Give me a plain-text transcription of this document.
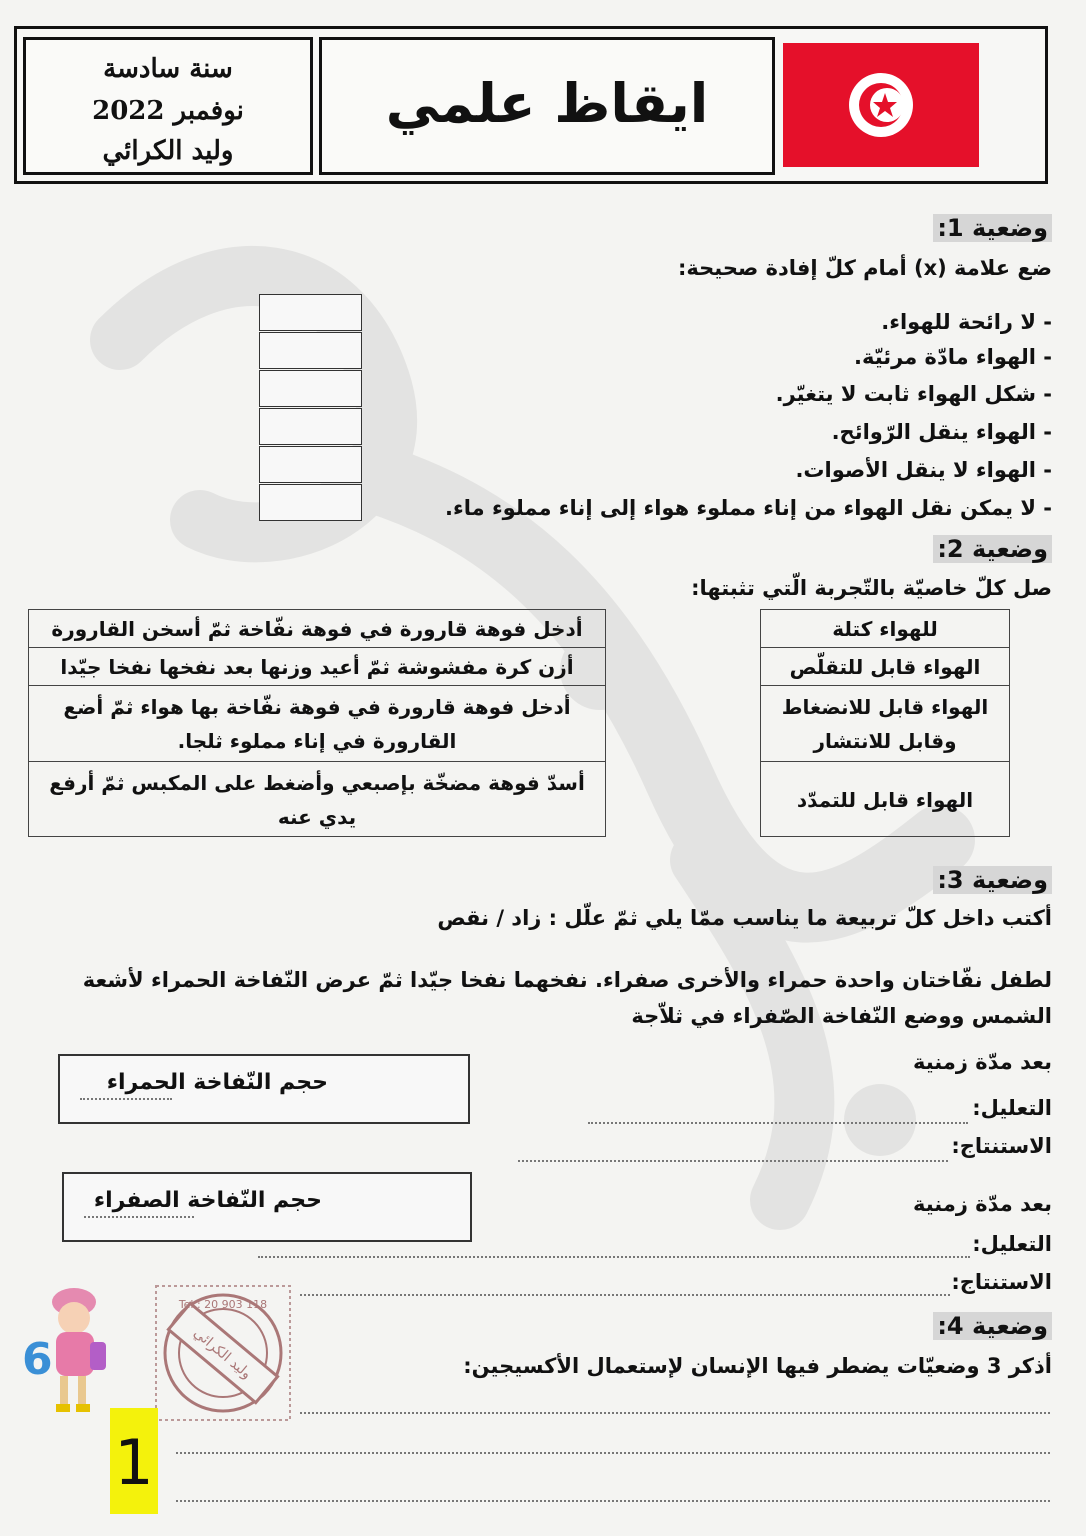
سنة سادسة
نوفمبر 2022
وليد الكرائي
ايقاظ علمي
وضعية 1:
ضع علامة (x) أمام كلّ إفادة صحيحة:
- لا رائحة للهواء.
- الهواء مادّة مرئيّة.
- شكل الهواء ثابت لا يتغيّر.
- الهواء ينقل الرّوائح.
- الهواء لا ينقل الأصوات.
- لا يمكن نقل الهواء من إناء مملوء هواء إلى إناء مملوء ماء.
وضعية 2:
صل كلّ خاصيّة بالتّجربة الّتي تثبتها:
أدخل فوهة قارورة في فوهة نفّاخة ثمّ أسخن القارورة
أزن كرة مفشوشة ثمّ أعيد وزنها بعد نفخها نفخا جيّدا
أدخل فوهة قارورة في فوهة نفّاخة بها هواء ثمّ أضع القارورة في إناء مملوء ثلجا.
أسدّ فوهة مضخّة بإصبعي وأضغط على المكبس ثمّ أرفع يدي عنه
للهواء كتلة
الهواء قابل للتقلّص
الهواء قابل للانضغاط وقابل للانتشار
الهواء قابل للتمدّد
وضعية 3:
أكتب داخل كلّ تربيعة ما يناسب ممّا يلي ثمّ علّل : زاد / نقص
لطفل نفّاختان واحدة حمراء والأخرى صفراء. نفخهما نفخا جيّدا ثمّ عرض النّفاخة الحمراء لأشعة الشمس ووضع النّفاخة الصّفراء في ثلاّجة
حجم النّفاخة الحمراء
حجم النّفاخة الصفراء
بعد مدّة زمنية
التعليل:
الاستنتاج:
بعد مدّة زمنية
التعليل:
الاستنتاج:
وضعية 4:
أذكر 3 وضعيّات يضطر فيها الإنسان لإستعمال الأكسيجين:
6
Tel : 20 903 118
وليد الكرائي
1
